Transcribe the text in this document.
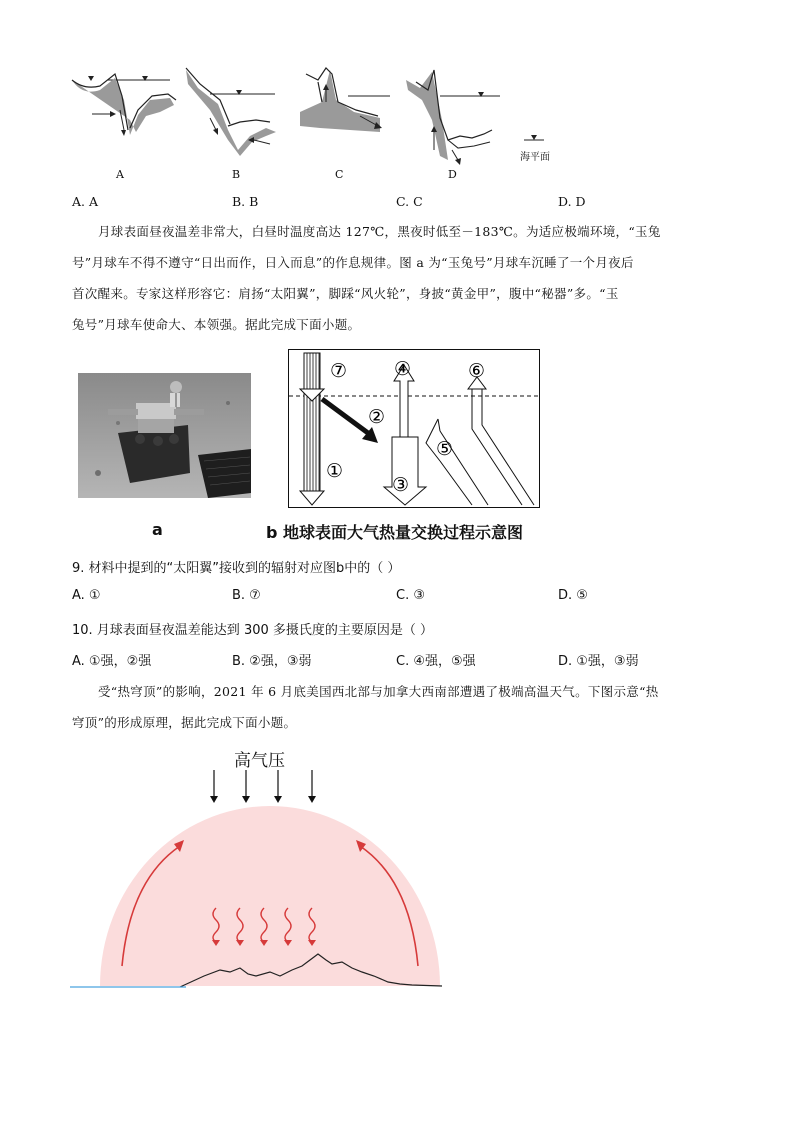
A	B	C	D
海平面
A. A	B. B	C. C	D. D
月球表面昼夜温差非常大，白昼时温度高达 127℃，黑夜时低至－183℃。为适应极端环境，“玉兔
号”月球车不得不遵守“日出而作，日入而息”的作息规律。图 a 为“玉兔号”月球车沉睡了一个月夜后
首次醒来。专家这样形容它：肩扬“太阳翼”，脚踩“风火轮”，身披“黄金甲”，腹中“秘器”多。“玉
兔号”月球车使命大、本领强。据此完成下面小题。
⑦
②
①
④
③
⑥
⑤
a	b 地球表面大气热量交换过程示意图
9. 材料中提到的“太阳翼”接收到的辐射对应图b中的（ ）
A. ①	B. ⑦	C. ③	D. ⑤
10. 月球表面昼夜温差能达到 300 多摄氏度的主要原因是（ ）
A. ①强，②强	B. ②强，③弱	C. ④强，⑤强	D. ①强，③弱
受“热穹顶”的影响，2021 年 6 月底美国西北部与加拿大西南部遭遇了极端高温天气。下图示意“热
穹顶”的形成原理，据此完成下面小题。
高气压
